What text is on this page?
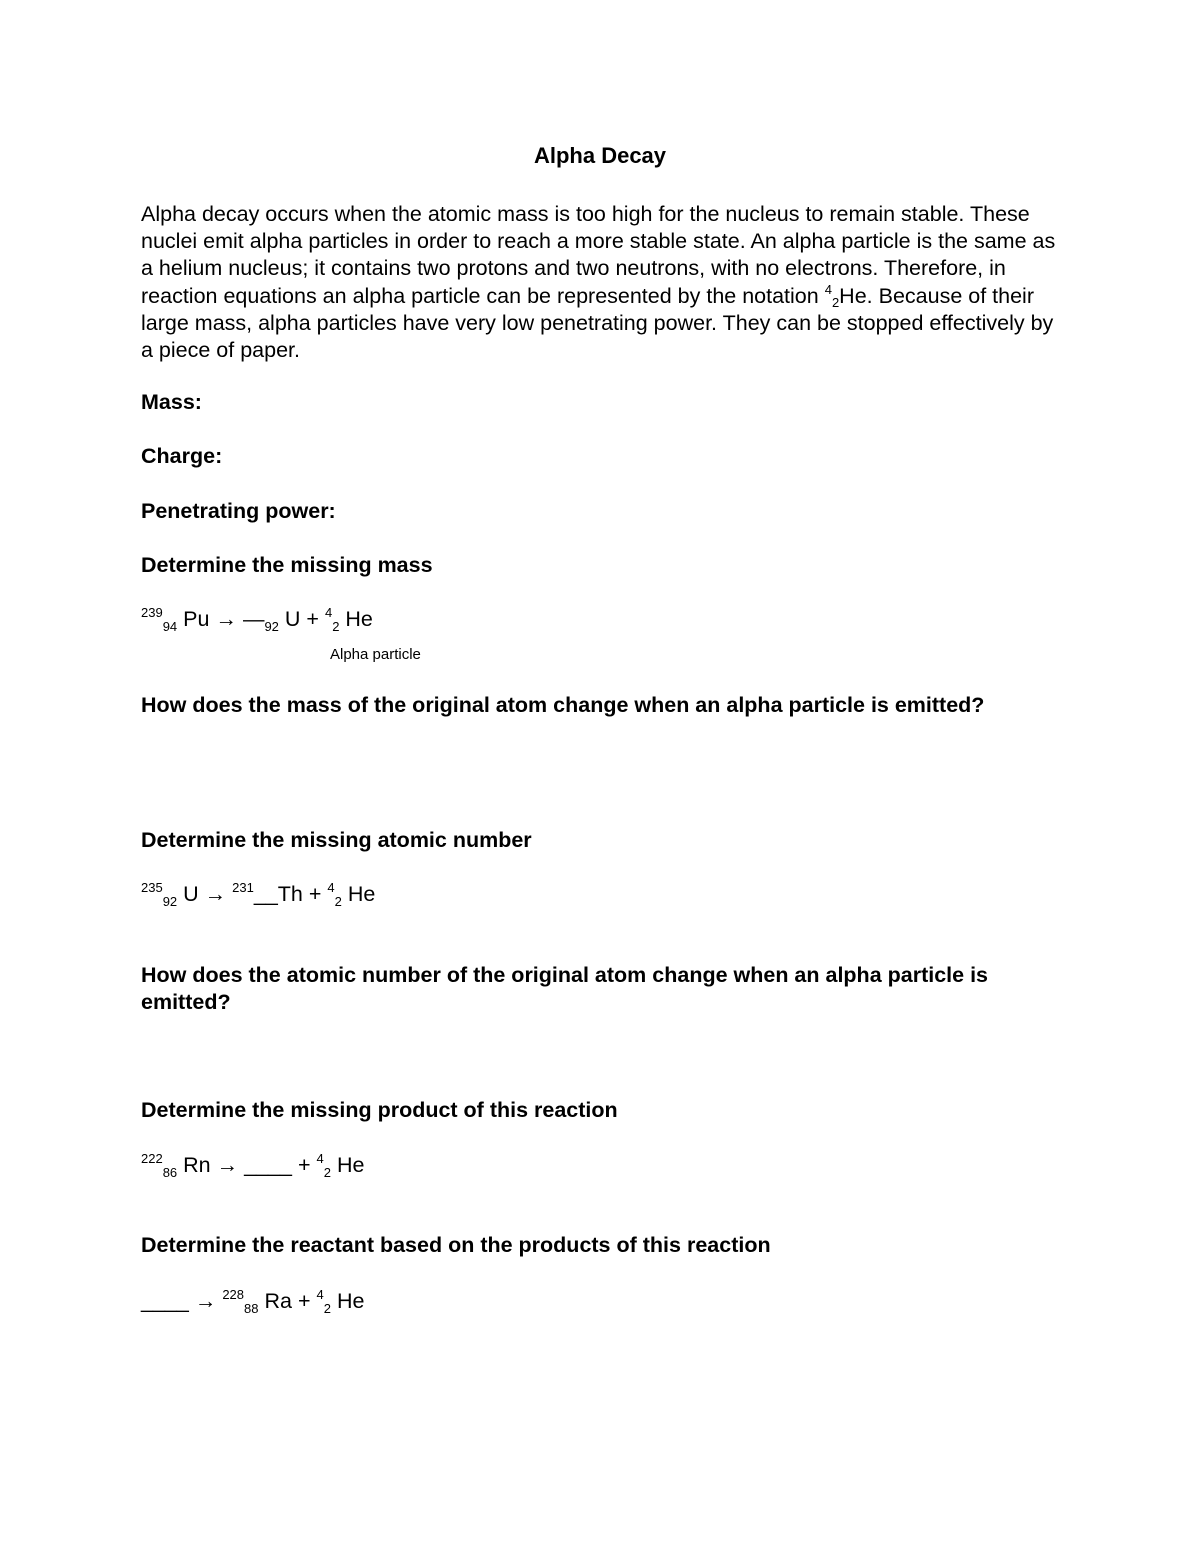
Alpha Decay
Alpha decay occurs when the atomic mass is too high for the nucleus to remain stable. These nuclei emit alpha particles in order to reach a more stable state. An alpha particle is the same as a helium nucleus; it contains two protons and two neutrons, with no electrons. Therefore, in reaction equations an alpha particle can be represented by the notation $^4_2$He. Because of their large mass, alpha particles have very low penetrating power. They can be stopped effectively by a piece of paper.
Mass:
Charge:
Penetrating power:
Determine the missing mass
$^{239}_{94}$ $Pu \to —_{92}$ U + $^4_2$ He
Alpha particle
How does the mass of the original atom change when an alpha particle is emitted?
Determine the missing atomic number
$^{235}_{92}$ U → $^{231}$__Th + $^4_2$ He
How does the atomic number of the original atom change when an alpha particle is emitted?
Determine the missing product of this reaction
$^{222}_{86}$ Rn → ____ + $^4_2$ He
Determine the reactant based on the products of this reaction
____ → $^{228}_{88}$ Ra + $^4_2$ He
